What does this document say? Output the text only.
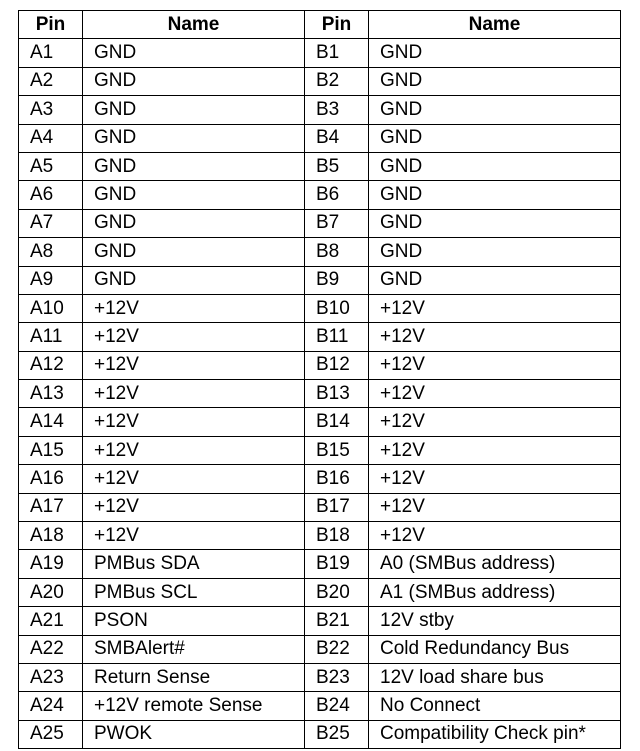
Pin	Name	Pin	Name
A1	GND	B1	GND
A2	GND	B2	GND
A3	GND	B3	GND
A4	GND	B4	GND
A5	GND	B5	GND
A6	GND	B6	GND
A7	GND	B7	GND
A8	GND	B8	GND
A9	GND	B9	GND
A10	+12V	B10	+12V
A11	+12V	B11	+12V
A12	+12V	B12	+12V
A13	+12V	B13	+12V
A14	+12V	B14	+12V
A15	+12V	B15	+12V
A16	+12V	B16	+12V
A17	+12V	B17	+12V
A18	+12V	B18	+12V
A19	PMBus SDA	B19	A0 (SMBus address)
A20	PMBus SCL	B20	A1 (SMBus address)
A21	PSON	B21	12V stby
A22	SMBAlert#	B22	Cold Redundancy Bus
A23	Return Sense	B23	12V load share bus
A24	+12V remote Sense	B24	No Connect
A25	PWOK	B25	Compatibility Check pin*
